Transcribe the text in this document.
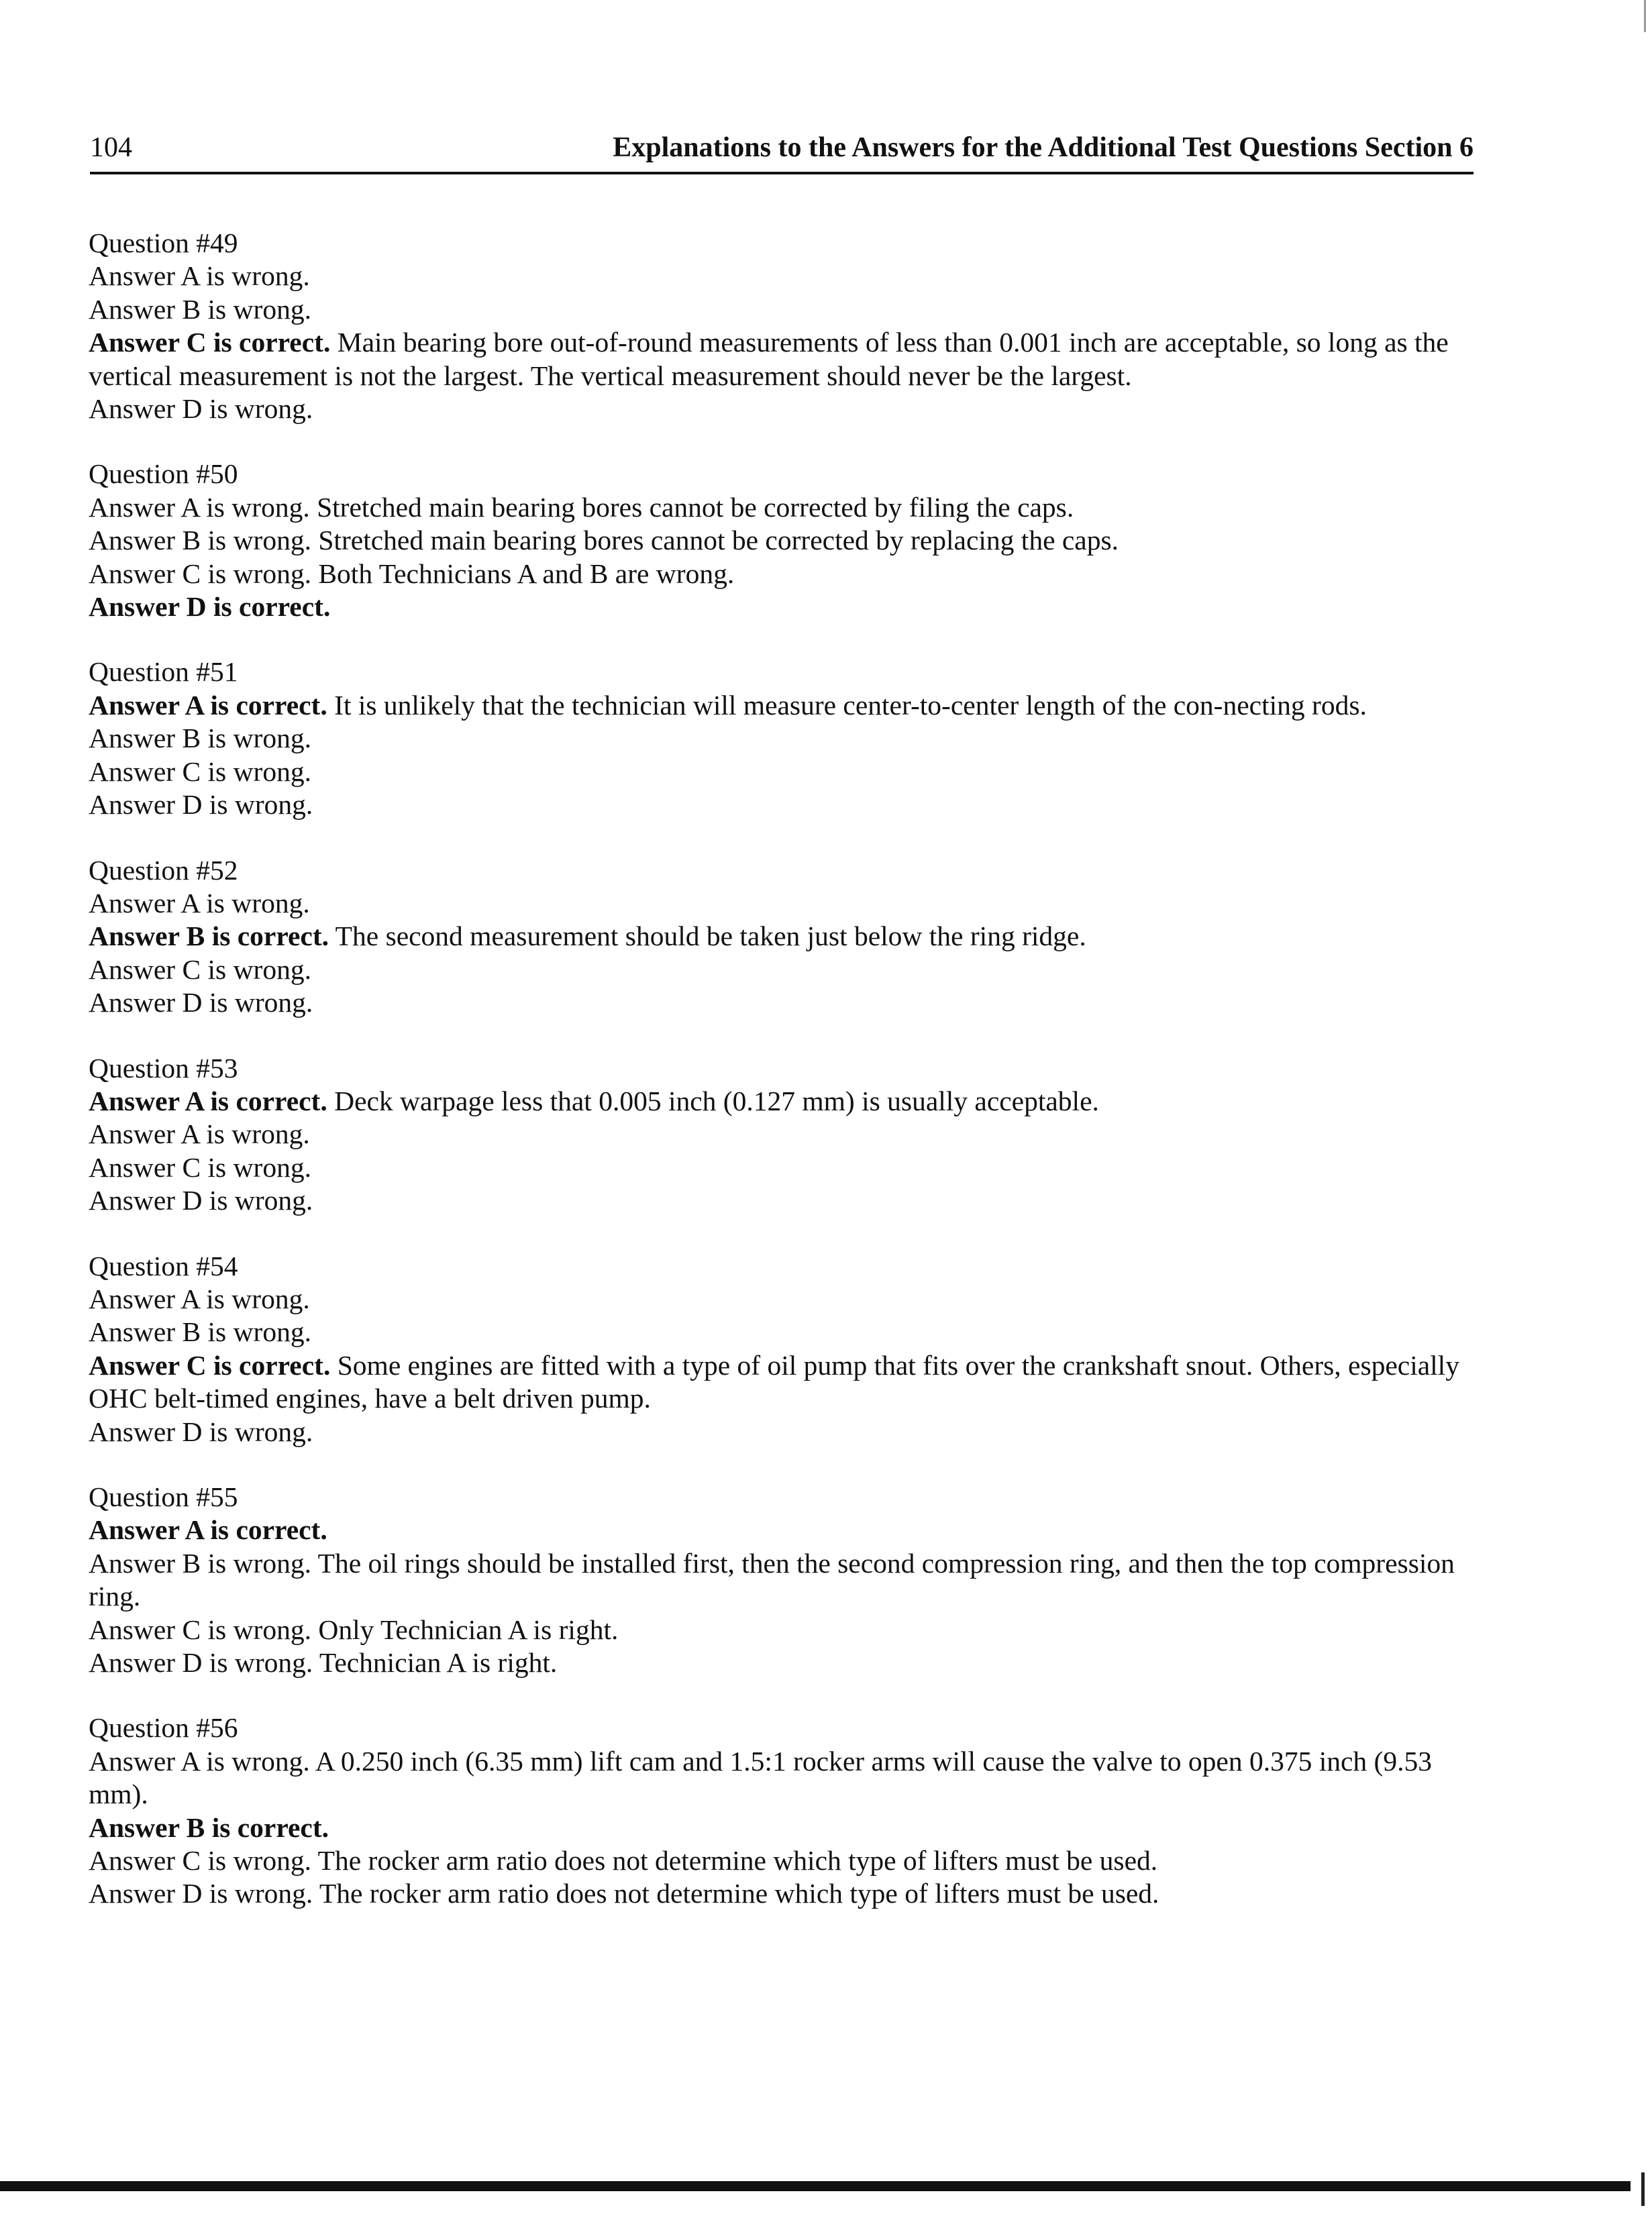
104	Explanations to the Answers for the Additional Test Questions Section 6

Question #49

Answer A is wrong.

Answer B is wrong.

Answer C is correct. Main bearing bore out-of-round measurements of less than 0.001 inch are acceptable, so long as the vertical measurement is not the largest. The vertical measurement should never be the largest.

Answer D is wrong.

Question #50

Answer A is wrong. Stretched main bearing bores cannot be corrected by filing the caps.

Answer B is wrong. Stretched main bearing bores cannot be corrected by replacing the caps.

Answer C is wrong. Both Technicians A and B are wrong.

Answer D is correct.

Question #51

Answer A is correct. It is unlikely that the technician will measure center-to-center length of the con-necting rods.

Answer B is wrong.

Answer C is wrong.

Answer D is wrong.

Question #52

Answer A is wrong.

Answer B is correct. The second measurement should be taken just below the ring ridge.

Answer C is wrong.

Answer D is wrong.

Question #53

Answer A is correct. Deck warpage less that 0.005 inch (0.127 mm) is usually acceptable.

Answer A is wrong.

Answer C is wrong.

Answer D is wrong.

Question #54

Answer A is wrong.

Answer B is wrong.

Answer C is correct. Some engines are fitted with a type of oil pump that fits over the crankshaft snout. Others, especially OHC belt-timed engines, have a belt driven pump.

Answer D is wrong.

Question #55

Answer A is correct.

Answer B is wrong. The oil rings should be installed first, then the second compression ring, and then the top compression ring.

Answer C is wrong. Only Technician A is right.

Answer D is wrong. Technician A is right.

Question #56

Answer A is wrong. A 0.250 inch (6.35 mm) lift cam and 1.5:1 rocker arms will cause the valve to open 0.375 inch (9.53 mm).

Answer B is correct.

Answer C is wrong. The rocker arm ratio does not determine which type of lifters must be used.

Answer D is wrong. The rocker arm ratio does not determine which type of lifters must be used.
